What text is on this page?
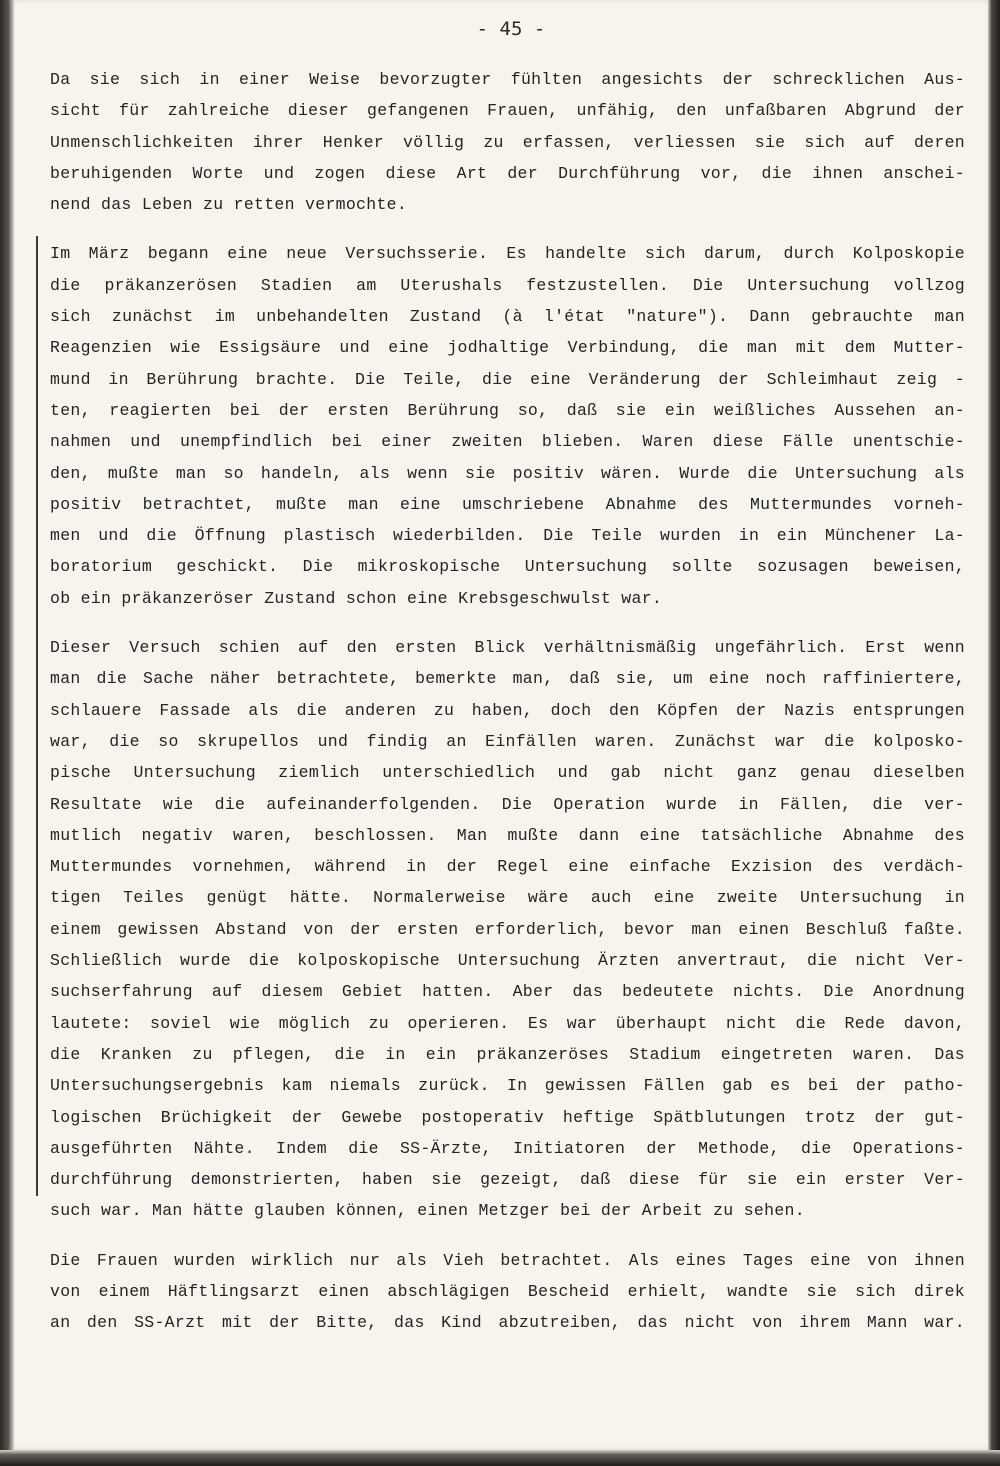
- 45 -
Da sie sich in einer Weise bevorzugter fühlten angesichts der schrecklichen Aus-
sicht für zahlreiche dieser gefangenen Frauen, unfähig, den unfaßbaren Abgrund der
Unmenschlichkeiten ihrer Henker völlig zu erfassen, verliessen sie sich auf deren
beruhigenden Worte und zogen diese Art der Durchführung vor, die ihnen anschei-
nend das Leben zu retten vermochte.
Im März begann eine neue Versuchsserie. Es handelte sich darum, durch Kolposkopie
die präkanzerösen Stadien am Uterushals festzustellen. Die Untersuchung vollzog
sich zunächst im unbehandelten Zustand (à l'état "nature"). Dann gebrauchte man
Reagenzien wie Essigsäure und eine jodhaltige Verbindung, die man mit dem Mutter-
mund in Berührung brachte. Die Teile, die eine Veränderung der Schleimhaut zeig -
ten, reagierten bei der ersten Berührung so, daß sie ein weißliches Aussehen an-
nahmen und unempfindlich bei einer zweiten blieben. Waren diese Fälle unentschie-
den, mußte man so handeln, als wenn sie positiv wären. Wurde die Untersuchung als
positiv betrachtet, mußte man eine umschriebene Abnahme des Muttermundes vorneh-
men und die Öffnung plastisch wiederbilden. Die Teile wurden in ein Münchener La-
boratorium geschickt. Die mikroskopische Untersuchung sollte sozusagen beweisen,
ob ein präkanzeröser Zustand schon eine Krebsgeschwulst war.
Dieser Versuch schien auf den ersten Blick verhältnismäßig ungefährlich. Erst wenn
man die Sache näher betrachtete, bemerkte man, daß sie, um eine noch raffiniertere,
schlauere Fassade als die anderen zu haben, doch den Köpfen der Nazis entsprungen
war, die so skrupellos und findig an Einfällen waren. Zunächst war die kolposko-
pische Untersuchung ziemlich unterschiedlich und gab nicht ganz genau dieselben
Resultate wie die aufeinanderfolgenden. Die Operation wurde in Fällen, die ver-
mutlich negativ waren, beschlossen. Man mußte dann eine tatsächliche Abnahme des
Muttermundes vornehmen, während in der Regel eine einfache Exzision des verdäch-
tigen Teiles genügt hätte. Normalerweise wäre auch eine zweite Untersuchung in
einem gewissen Abstand von der ersten erforderlich, bevor man einen Beschluß faßte.
Schließlich wurde die kolposkopische Untersuchung Ärzten anvertraut, die nicht Ver-
suchserfahrung auf diesem Gebiet hatten. Aber das bedeutete nichts. Die Anordnung
lautete: soviel wie möglich zu operieren. Es war überhaupt nicht die Rede davon,
die Kranken zu pflegen, die in ein präkanzeröses Stadium eingetreten waren. Das
Untersuchungsergebnis kam niemals zurück. In gewissen Fällen gab es bei der patho-
logischen Brüchigkeit der Gewebe postoperativ heftige Spätblutungen trotz der gut-
ausgeführten Nähte. Indem die SS-Ärzte, Initiatoren der Methode, die Operations-
durchführung demonstrierten, haben sie gezeigt, daß diese für sie ein erster Ver-
such war. Man hätte glauben können, einen Metzger bei der Arbeit zu sehen.
Die Frauen wurden wirklich nur als Vieh betrachtet. Als eines Tages eine von ihnen
von einem Häftlingsarzt einen abschlägigen Bescheid erhielt, wandte sie sich direk
an den SS-Arzt mit der Bitte, das Kind abzutreiben, das nicht von ihrem Mann war.
